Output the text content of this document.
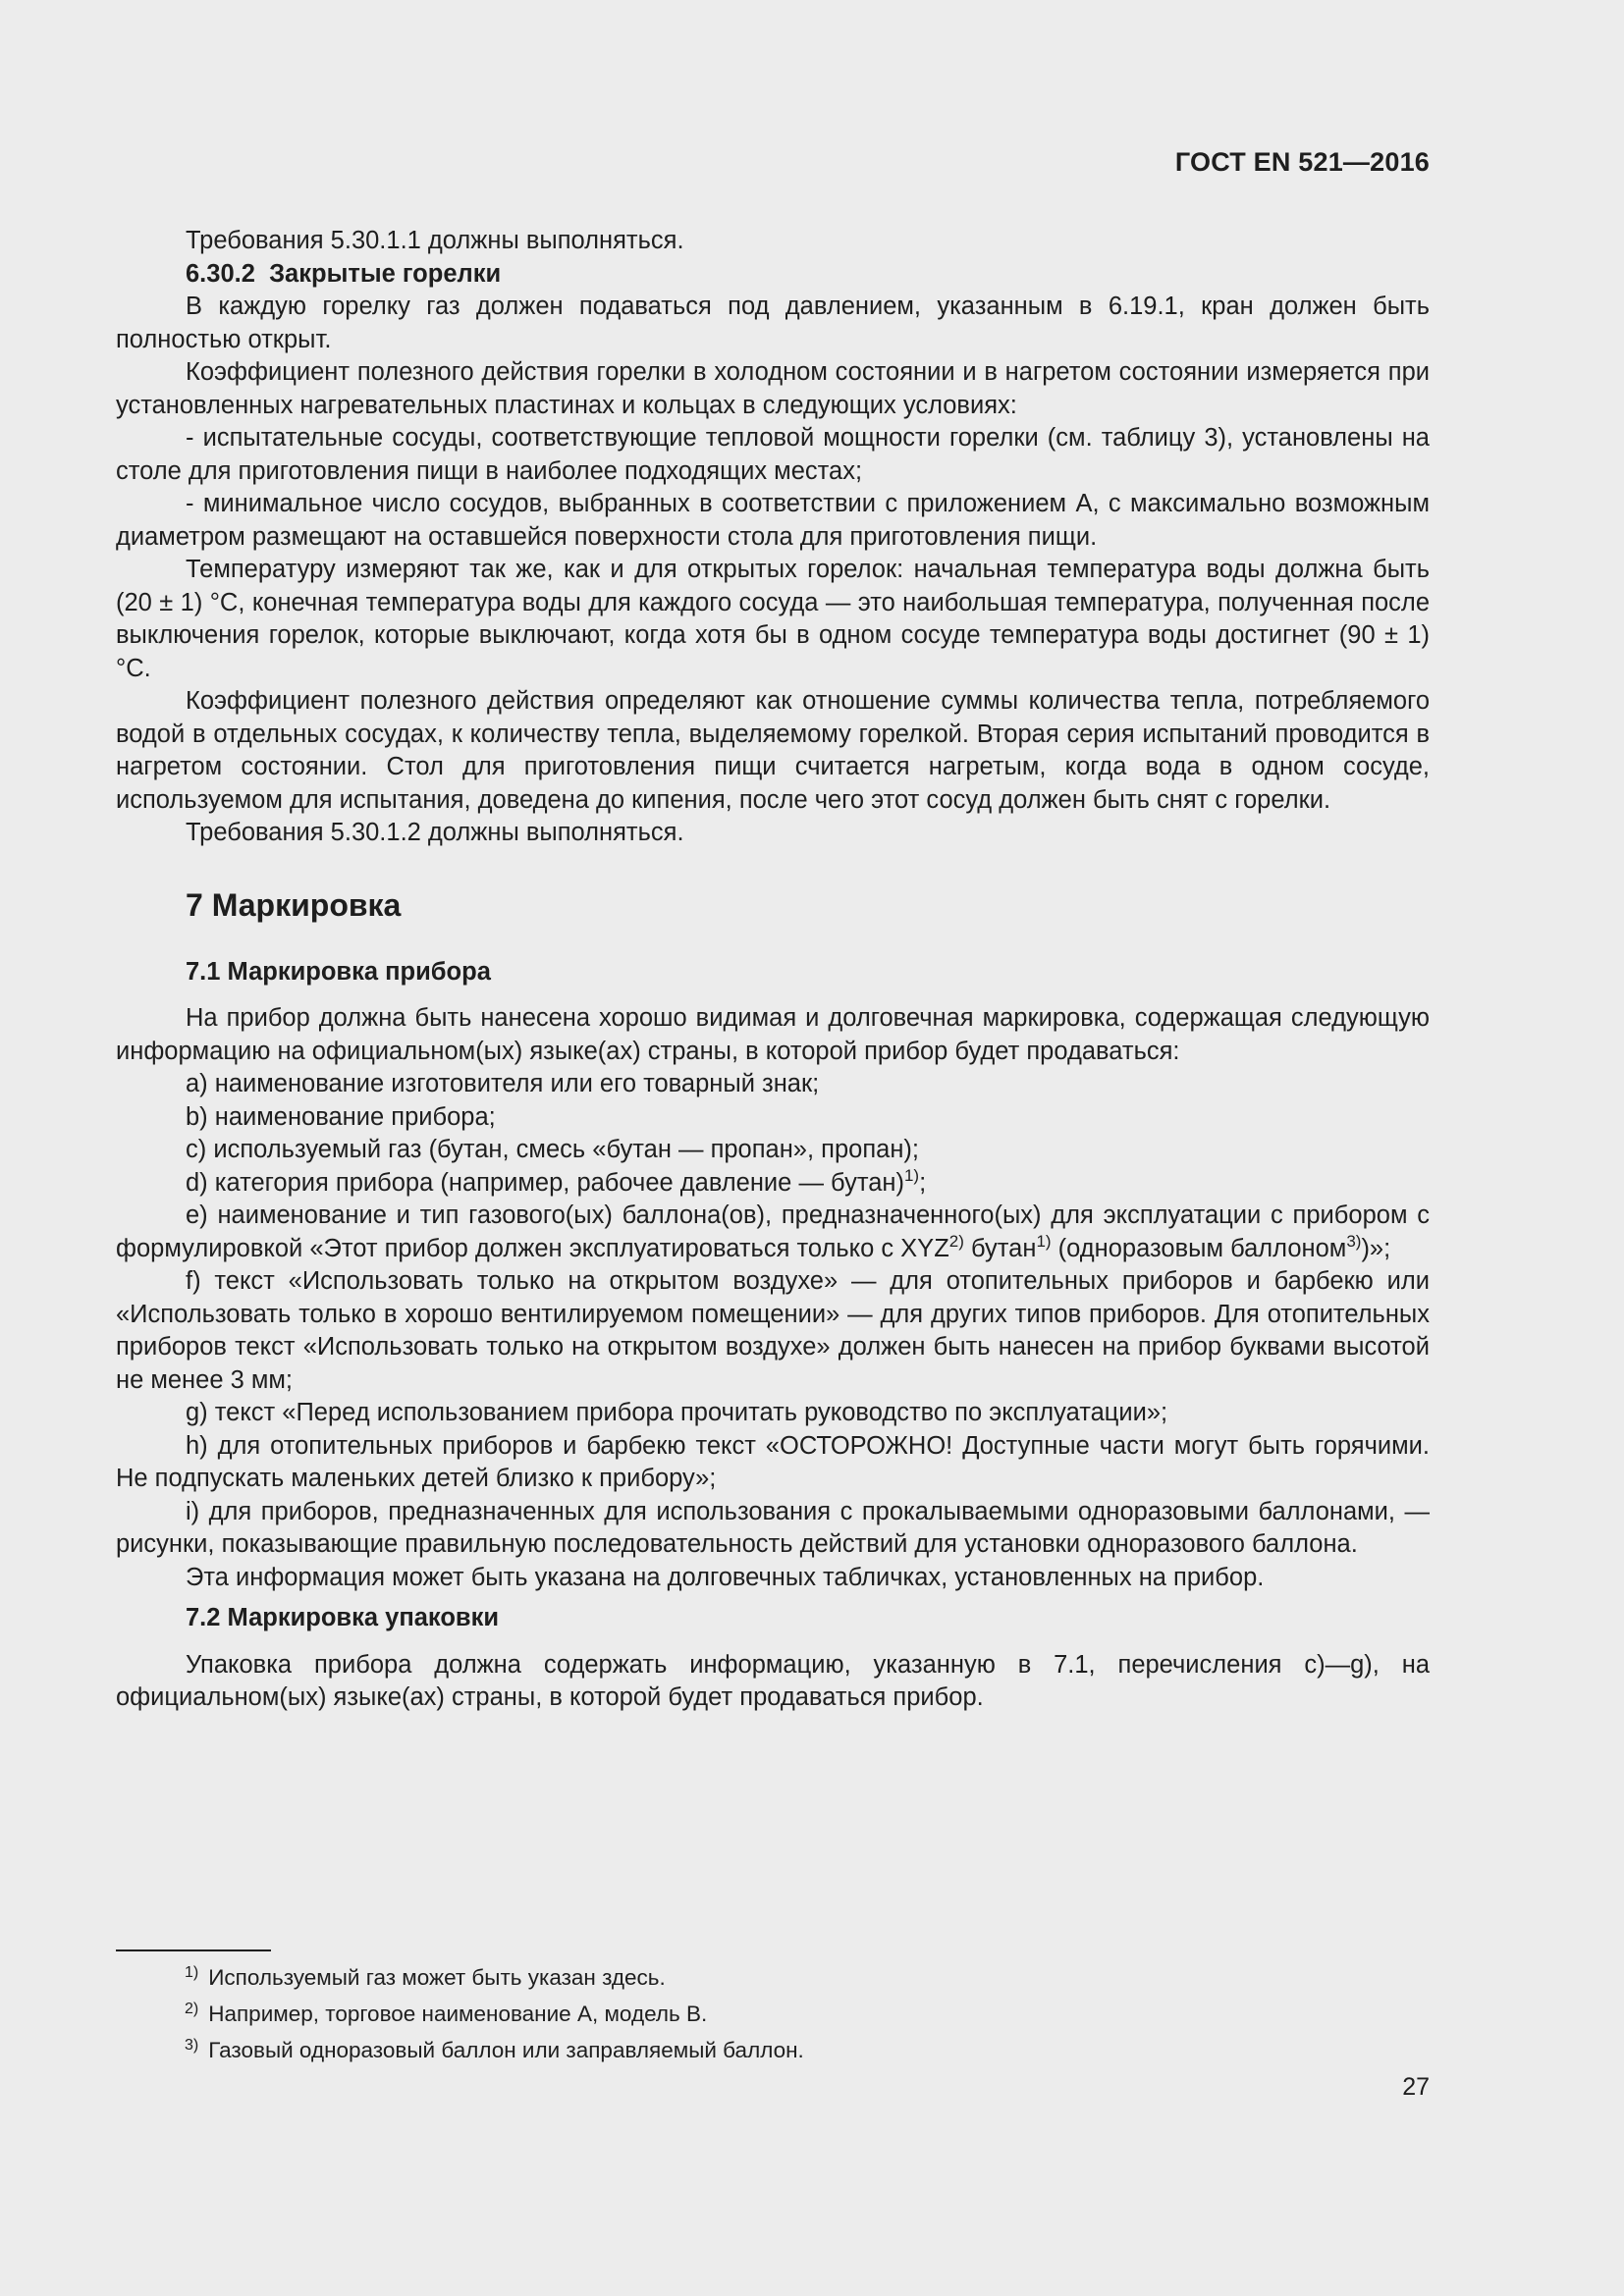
ГОСТ EN 521—2016

Требования 5.30.1.1 должны выполняться.

6.30.2 Закрытые горелки

В каждую горелку газ должен подаваться под давлением, указанным в 6.19.1, кран должен быть полностью открыт.

Коэффициент полезного действия горелки в холодном состоянии и в нагретом состоянии измеряется при установленных нагревательных пластинах и кольцах в следующих условиях:

- испытательные сосуды, соответствующие тепловой мощности горелки (см. таблицу 3), установлены на столе для приготовления пищи в наиболее подходящих местах;

- минимальное число сосудов, выбранных в соответствии с приложением А, с максимально возможным диаметром размещают на оставшейся поверхности стола для приготовления пищи.

Температуру измеряют так же, как и для открытых горелок: начальная температура воды должна быть (20 ± 1) °С, конечная температура воды для каждого сосуда — это наибольшая температура, полученная после выключения горелок, которые выключают, когда хотя бы в одном сосуде температура воды достигнет (90 ± 1) °С.

Коэффициент полезного действия определяют как отношение суммы количества тепла, потребляемого водой в отдельных сосудах, к количеству тепла, выделяемому горелкой. Вторая серия испытаний проводится в нагретом состоянии. Стол для приготовления пищи считается нагретым, когда вода в одном сосуде, используемом для испытания, доведена до кипения, после чего этот сосуд должен быть снят с горелки.

Требования 5.30.1.2 должны выполняться.

7 Маркировка
7.1 Маркировка прибора

На прибор должна быть нанесена хорошо видимая и долговечная маркировка, содержащая следующую информацию на официальном(ых) языке(ах) страны, в которой прибор будет продаваться:

а) наименование изготовителя или его товарный знак;

b) наименование прибора;

с) используемый газ (бутан, смесь «бутан — пропан», пропан);

d) категория прибора (например, рабочее давление — бутан)$^{1)}$;

е) наименование и тип газового(ых) баллона(ов), предназначенного(ых) для эксплуатации с прибором с формулировкой «Этот прибор должен эксплуатироваться только с XYZ$^{2)}$ бутан$^{1)}$ (одноразовым баллоном$^{3)}$)»;

f) текст «Использовать только на открытом воздухе» — для отопительных приборов и барбекю или «Использовать только в хорошо вентилируемом помещении» — для других типов приборов. Для отопительных приборов текст «Использовать только на открытом воздухе» должен быть нанесен на прибор буквами высотой не менее 3 мм;

g) текст «Перед использованием прибора прочитать руководство по эксплуатации»;

h) для отопительных приборов и барбекю текст «ОСТОРОЖНО! Доступные части могут быть горячими. Не подпускать маленьких детей близко к прибору»;

i) для приборов, предназначенных для использования с прокалываемыми одноразовыми баллонами, — рисунки, показывающие правильную последовательность действий для установки одноразового баллона.

Эта информация может быть указана на долговечных табличках, установленных на прибор.

7.2 Маркировка упаковки

Упаковка прибора должна содержать информацию, указанную в 7.1, перечисления с)—g), на официальном(ых) языке(ах) страны, в которой будет продаваться прибор.

$^{1)}$ Используемый газ может быть указан здесь.
$^{2)}$ Например, торговое наименование А, модель В.
$^{3)}$ Газовый одноразовый баллон или заправляемый баллон.
27
